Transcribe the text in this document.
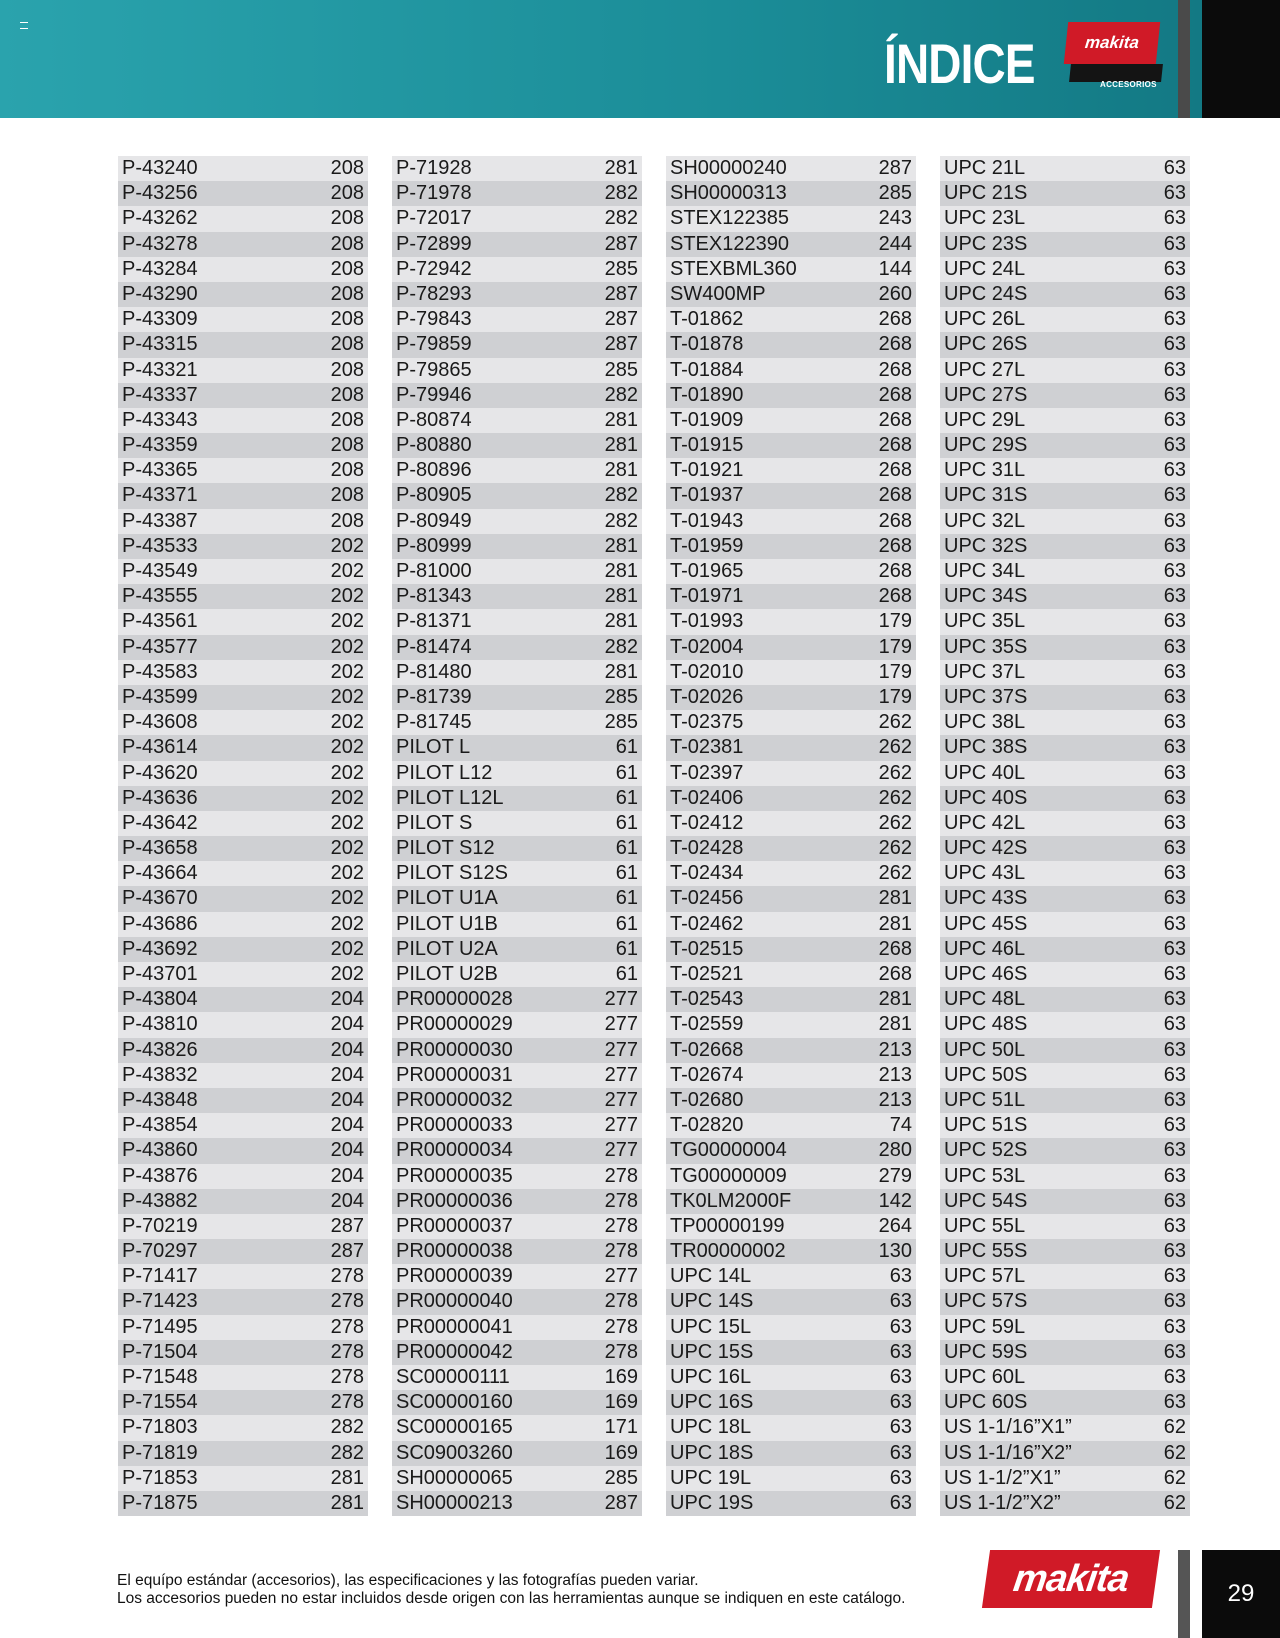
ÍNDICE	makita
ACCESORIOS
P-43240	208
P-43256	208
P-43262	208
P-43278	208
P-43284	208
P-43290	208
P-43309	208
P-43315	208
P-43321	208
P-43337	208
P-43343	208
P-43359	208
P-43365	208
P-43371	208
P-43387	208
P-43533	202
P-43549	202
P-43555	202
P-43561	202
P-43577	202
P-43583	202
P-43599	202
P-43608	202
P-43614	202
P-43620	202
P-43636	202
P-43642	202
P-43658	202
P-43664	202
P-43670	202
P-43686	202
P-43692	202
P-43701	202
P-43804	204
P-43810	204
P-43826	204
P-43832	204
P-43848	204
P-43854	204
P-43860	204
P-43876	204
P-43882	204
P-70219	287
P-70297	287
P-71417	278
P-71423	278
P-71495	278
P-71504	278
P-71548	278
P-71554	278
P-71803	282
P-71819	282
P-71853	281
P-71875	281
P-71928	281
P-71978	282
P-72017	282
P-72899	287
P-72942	285
P-78293	287
P-79843	287
P-79859	287
P-79865	285
P-79946	282
P-80874	281
P-80880	281
P-80896	281
P-80905	282
P-80949	282
P-80999	281
P-81000	281
P-81343	281
P-81371	281
P-81474	282
P-81480	281
P-81739	285
P-81745	285
PILOT L	61
PILOT L12	61
PILOT L12L	61
PILOT S	61
PILOT S12	61
PILOT S12S	61
PILOT U1A	61
PILOT U1B	61
PILOT U2A	61
PILOT U2B	61
PR00000028	277
PR00000029	277
PR00000030	277
PR00000031	277
PR00000032	277
PR00000033	277
PR00000034	277
PR00000035	278
PR00000036	278
PR00000037	278
PR00000038	278
PR00000039	277
PR00000040	278
PR00000041	278
PR00000042	278
SC00000111	169
SC00000160	169
SC00000165	171
SC09003260	169
SH00000065	285
SH00000213	287
SH00000240	287
SH00000313	285
STEX122385	243
STEX122390	244
STEXBML360	144
SW400MP	260
T-01862	268
T-01878	268
T-01884	268
T-01890	268
T-01909	268
T-01915	268
T-01921	268
T-01937	268
T-01943	268
T-01959	268
T-01965	268
T-01971	268
T-01993	179
T-02004	179
T-02010	179
T-02026	179
T-02375	262
T-02381	262
T-02397	262
T-02406	262
T-02412	262
T-02428	262
T-02434	262
T-02456	281
T-02462	281
T-02515	268
T-02521	268
T-02543	281
T-02559	281
T-02668	213
T-02674	213
T-02680	213
T-02820	74
TG00000004	280
TG00000009	279
TK0LM2000F	142
TP00000199	264
TR00000002	130
UPC 14L	63
UPC 14S	63
UPC 15L	63
UPC 15S	63
UPC 16L	63
UPC 16S	63
UPC 18L	63
UPC 18S	63
UPC 19L	63
UPC 19S	63
UPC 21L	63
UPC 21S	63
UPC 23L	63
UPC 23S	63
UPC 24L	63
UPC 24S	63
UPC 26L	63
UPC 26S	63
UPC 27L	63
UPC 27S	63
UPC 29L	63
UPC 29S	63
UPC 31L	63
UPC 31S	63
UPC 32L	63
UPC 32S	63
UPC 34L	63
UPC 34S	63
UPC 35L	63
UPC 35S	63
UPC 37L	63
UPC 37S	63
UPC 38L	63
UPC 38S	63
UPC 40L	63
UPC 40S	63
UPC 42L	63
UPC 42S	63
UPC 43L	63
UPC 43S	63
UPC 45S	63
UPC 46L	63
UPC 46S	63
UPC 48L	63
UPC 48S	63
UPC 50L	63
UPC 50S	63
UPC 51L	63
UPC 51S	63
UPC 52S	63
UPC 53L	63
UPC 54S	63
UPC 55L	63
UPC 55S	63
UPC 57L	63
UPC 57S	63
UPC 59L	63
UPC 59S	63
UPC 60L	63
UPC 60S	63
US 1-1/16”X1”	62
US 1-1/16”X2”	62
US 1-1/2”X1”	62
US 1-1/2”X2”	62
El equípo estándar (accesorios), las especificaciones y las fotografías pueden variar.
Los accesorios pueden no estar incluidos desde origen con las herramientas aunque se indiquen en este catálogo.	makita	29
